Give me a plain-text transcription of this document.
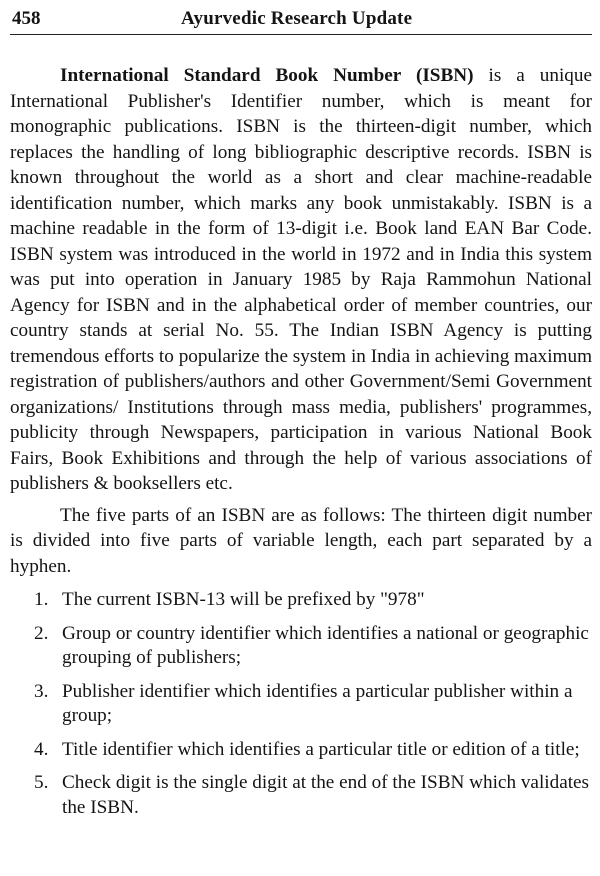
458	Ayurvedic Research Update

International Standard Book Number (ISBN) is a unique International Publisher's Identifier number, which is meant for monographic publications. ISBN is the thirteen-digit number, which replaces the handling of long bibliographic descriptive records. ISBN is known throughout the world as a short and clear machine-readable identification number, which marks any book unmistakably. ISBN is a machine readable in the form of 13-digit i.e. Book land EAN Bar Code. ISBN system was introduced in the world in 1972 and in India this system was put into operation in January 1985 by Raja Rammohun National Agency for ISBN and in the alphabetical order of member countries, our country stands at serial No. 55. The Indian ISBN Agency is putting tremendous efforts to popularize the system in India in achieving maximum registration of publishers/authors and other Government/Semi Government organizations/ Institutions through mass media, publishers' programmes, publicity through Newspapers, participation in various National Book Fairs, Book Exhibitions and through the help of various associations of publishers & booksellers etc.

The five parts of an ISBN are as follows: The thirteen digit number is divided into five parts of variable length, each part separated by a hyphen.

1. The current ISBN-13 will be prefixed by "978"
2. Group or country identifier which identifies a national or geographic grouping of publishers;
3. Publisher identifier which identifies a particular publisher within a group;
4. Title identifier which identifies a particular title or edition of a title;
5. Check digit is the single digit at the end of the ISBN which validates the ISBN.
